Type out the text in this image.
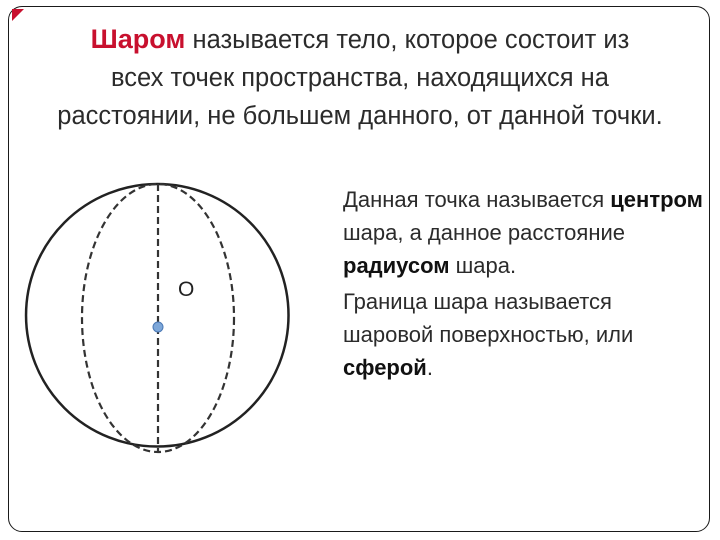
Шаром называется тело, которое состоит из
всех точек пространства, находящихся на
расстоянии, не большем данного, от данной точки.
O

Данная точка называется центром шара, а данное расстояние радиусом шара.

Граница шара называется шаровой поверхностью, или сферой.
